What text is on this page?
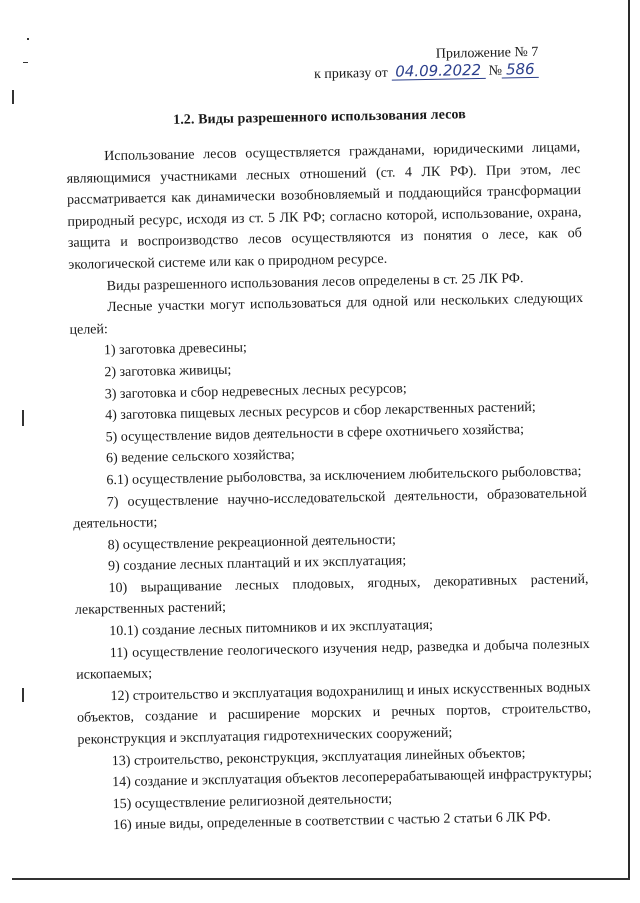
Приложение № 7
к приказу от 04.09.2022 № 586
1.2. Виды разрешенного использования лесов

Использование лесов осуществляется гражданами, юридическими лицами, являющимися участниками лесных отношений (ст. 4 ЛК РФ). При этом, лес рассматривается как динамически возобновляемый и поддающийся трансформации природный ресурс, исходя из ст. 5 ЛК РФ; согласно которой, использование, охрана, защита и воспроизводство лесов осуществляются из понятия о лесе, как об экологической системе или как о природном ресурсе.

Виды разрешенного использования лесов определены в ст. 25 ЛК РФ.

Лесные участки могут использоваться для одной или нескольких следующих целей:

1) заготовка древесины;

2) заготовка живицы;

3) заготовка и сбор недревесных лесных ресурсов;

4) заготовка пищевых лесных ресурсов и сбор лекарственных растений;

5) осуществление видов деятельности в сфере охотничьего хозяйства;

6) ведение сельского хозяйства;

6.1) осуществление рыболовства, за исключением любительского рыболовства;

7) осуществление научно-исследовательской деятельности, образовательной деятельности;

8) осуществление рекреационной деятельности;

9) создание лесных плантаций и их эксплуатация;

10) выращивание лесных плодовых, ягодных, декоративных растений, лекарственных растений;

10.1) создание лесных питомников и их эксплуатация;

11) осуществление геологического изучения недр, разведка и добыча полезных ископаемых;

12) строительство и эксплуатация водохранилищ и иных искусственных водных объектов, создание и расширение морских и речных портов, строительство, реконструкция и эксплуатация гидротехнических сооружений;

13) строительство, реконструкция, эксплуатация линейных объектов;

14) создание и эксплуатация объектов лесоперерабатывающей инфраструктуры;

15) осуществление религиозной деятельности;

16) иные виды, определенные в соответствии с частью 2 статьи 6 ЛК РФ.
